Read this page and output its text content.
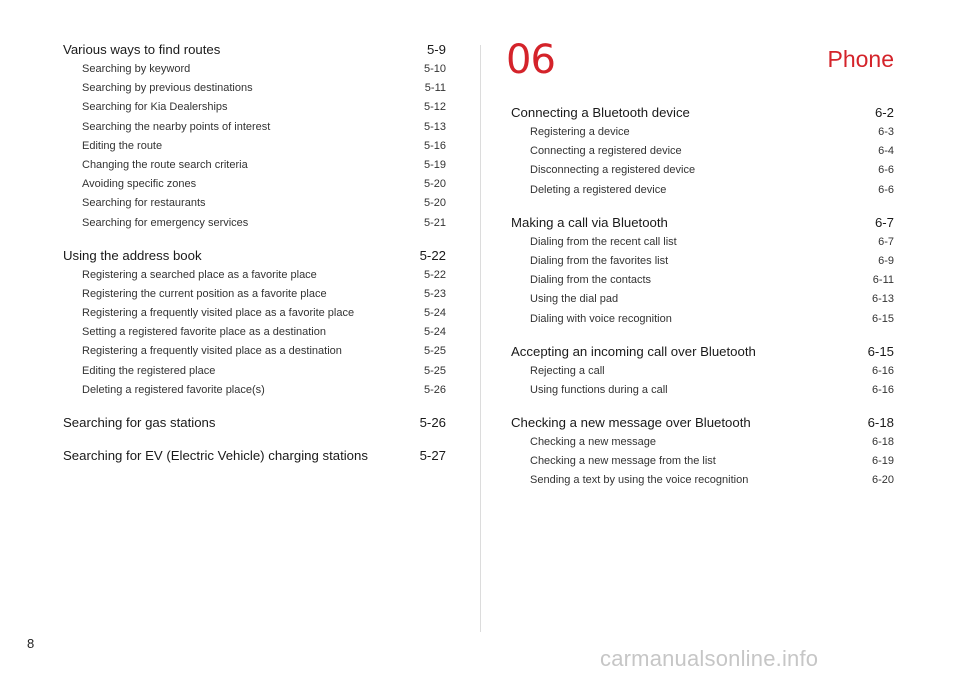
Various ways to find routes	5-9
Searching by keyword	5-10
Searching by previous destinations	5-11
Searching for Kia Dealerships	5-12
Searching the nearby points of interest	5-13
Editing the route	5-16
Changing the route search criteria	5-19
Avoiding specific zones	5-20
Searching for restaurants	5-20
Searching for emergency services	5-21
Using the address book	5-22
Registering a searched place as a favorite place	5-22
Registering the current position as a favorite place	5-23
Registering a frequently visited place as a favorite place	5-24
Setting a registered favorite place as a destination	5-24
Registering a frequently visited place as a destination	5-25
Editing the registered place	5-25
Deleting a registered favorite place(s)	5-26
Searching for gas stations	5-26
Searching for EV (Electric Vehicle) charging stations	5-27
06	Phone
Connecting a Bluetooth device	6-2
Registering a device	6-3
Connecting a registered device	6-4
Disconnecting a registered device	6-6
Deleting a registered device	6-6
Making a call via Bluetooth	6-7
Dialing from the recent call list	6-7
Dialing from the favorites list	6-9
Dialing from the contacts	6-11
Using the dial pad	6-13
Dialing with voice recognition	6-15
Accepting an incoming call over Bluetooth	6-15
Rejecting a call	6-16
Using functions during a call	6-16
Checking a new message over Bluetooth	6-18
Checking a new message	6-18
Checking a new message from the list	6-19
Sending a text by using the voice recognition	6-20
8
carmanualsonline.info
